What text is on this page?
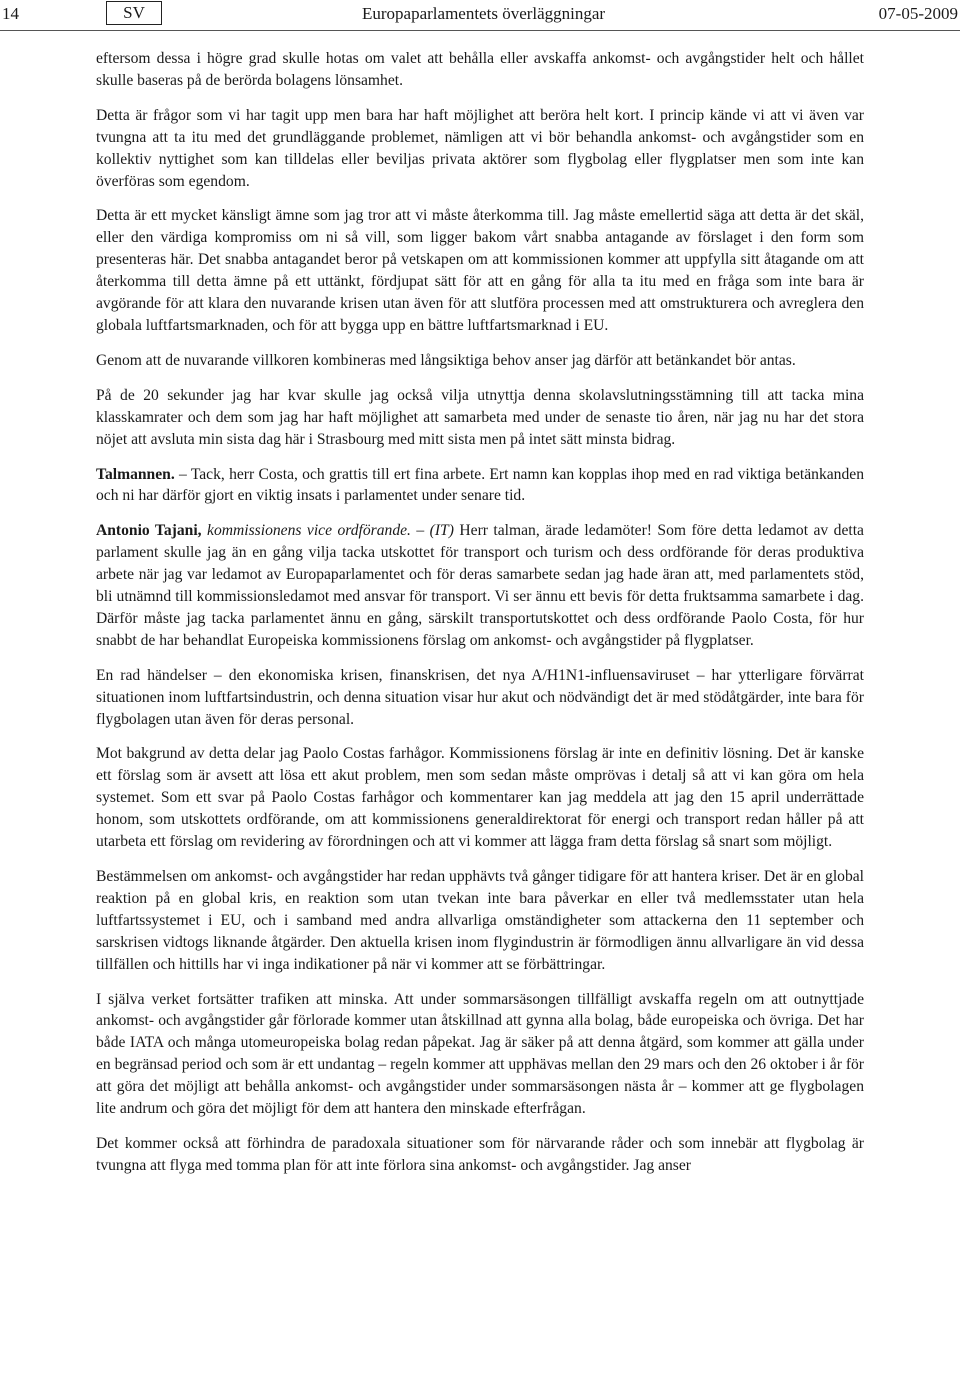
14	SV	Europaparlamentets överläggningar	07-05-2009

eftersom dessa i högre grad skulle hotas om valet att behålla eller avskaffa ankomst- och avgångstider helt och hållet skulle baseras på de berörda bolagens lönsamhet.

Detta är frågor som vi har tagit upp men bara har haft möjlighet att beröra helt kort. I princip kände vi att vi även var tvungna att ta itu med det grundläggande problemet, nämligen att vi bör behandla ankomst- och avgångstider som en kollektiv nyttighet som kan tilldelas eller beviljas privata aktörer som flygbolag eller flygplatser men som inte kan överföras som egendom.

Detta är ett mycket känsligt ämne som jag tror att vi måste återkomma till. Jag måste emellertid säga att detta är det skäl, eller den värdiga kompromiss om ni så vill, som ligger bakom vårt snabba antagande av förslaget i den form som presenteras här. Det snabba antagandet beror på vetskapen om att kommissionen kommer att uppfylla sitt åtagande om att återkomma till detta ämne på ett uttänkt, fördjupat sätt för att en gång för alla ta itu med en fråga som inte bara är avgörande för att klara den nuvarande krisen utan även för att slutföra processen med att omstrukturera och avreglera den globala luftfartsmarknaden, och för att bygga upp en bättre luftfartsmarknad i EU.

Genom att de nuvarande villkoren kombineras med långsiktiga behov anser jag därför att betänkandet bör antas.

På de 20 sekunder jag har kvar skulle jag också vilja utnyttja denna skolavslutningsstämning till att tacka mina klasskamrater och dem som jag har haft möjlighet att samarbeta med under de senaste tio åren, när jag nu har det stora nöjet att avsluta min sista dag här i Strasbourg med mitt sista men på intet sätt minsta bidrag.

Talmannen. – Tack, herr Costa, och grattis till ert fina arbete. Ert namn kan kopplas ihop med en rad viktiga betänkanden och ni har därför gjort en viktig insats i parlamentet under senare tid.

Antonio Tajani, kommissionens vice ordförande. – (IT) Herr talman, ärade ledamöter! Som före detta ledamot av detta parlament skulle jag än en gång vilja tacka utskottet för transport och turism och dess ordförande för deras produktiva arbete när jag var ledamot av Europaparlamentet och för deras samarbete sedan jag hade äran att, med parlamentets stöd, bli utnämnd till kommissionsledamot med ansvar för transport. Vi ser ännu ett bevis för detta fruktsamma samarbete i dag. Därför måste jag tacka parlamentet ännu en gång, särskilt transportutskottet och dess ordförande Paolo Costa, för hur snabbt de har behandlat Europeiska kommissionens förslag om ankomst- och avgångstider på flygplatser.

En rad händelser – den ekonomiska krisen, finanskrisen, det nya A/H1N1-influensaviruset – har ytterligare förvärrat situationen inom luftfartsindustrin, och denna situation visar hur akut och nödvändigt det är med stödåtgärder, inte bara för flygbolagen utan även för deras personal.

Mot bakgrund av detta delar jag Paolo Costas farhågor. Kommissionens förslag är inte en definitiv lösning. Det är kanske ett förslag som är avsett att lösa ett akut problem, men som sedan måste omprövas i detalj så att vi kan göra om hela systemet. Som ett svar på Paolo Costas farhågor och kommentarer kan jag meddela att jag den 15 april underrättade honom, som utskottets ordförande, om att kommissionens generaldirektorat för energi och transport redan håller på att utarbeta ett förslag om revidering av förordningen och att vi kommer att lägga fram detta förslag så snart som möjligt.

Bestämmelsen om ankomst- och avgångstider har redan upphävts två gånger tidigare för att hantera kriser. Det är en global reaktion på en global kris, en reaktion som utan tvekan inte bara påverkar en eller två medlemsstater utan hela luftfartssystemet i EU, och i samband med andra allvarliga omständigheter som attackerna den 11 september och sarskrisen vidtogs liknande åtgärder. Den aktuella krisen inom flygindustrin är förmodligen ännu allvarligare än vid dessa tillfällen och hittills har vi inga indikationer på när vi kommer att se förbättringar.

I själva verket fortsätter trafiken att minska. Att under sommarsäsongen tillfälligt avskaffa regeln om att outnyttjade ankomst- och avgångstider går förlorade kommer utan åtskillnad att gynna alla bolag, både europeiska och övriga. Det har både IATA och många utomeuropeiska bolag redan påpekat. Jag är säker på att denna åtgärd, som kommer att gälla under en begränsad period och som är ett undantag – regeln kommer att upphävas mellan den 29 mars och den 26 oktober i år för att göra det möjligt att behålla ankomst- och avgångstider under sommarsäsongen nästa år – kommer att ge flygbolagen lite andrum och göra det möjligt för dem att hantera den minskade efterfrågan.

Det kommer också att förhindra de paradoxala situationer som för närvarande råder och som innebär att flygbolag är tvungna att flyga med tomma plan för att inte förlora sina ankomst- och avgångstider. Jag anser
